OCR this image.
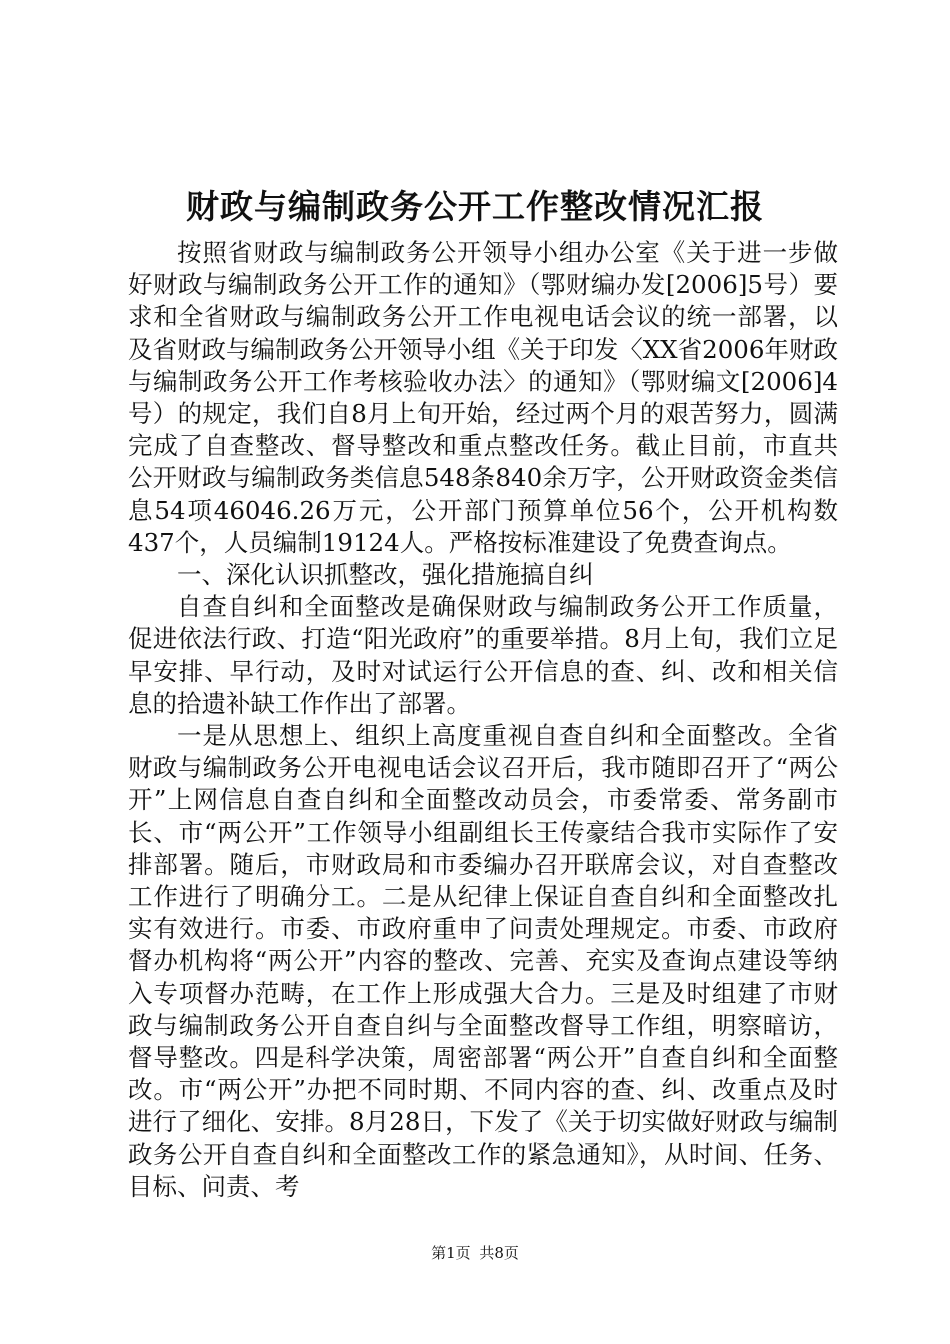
财政与编制政务公开工作整改情况汇报

按照省财政与编制政务公开领导小组办公室《关于进一步做好财政与编制政务公开工作的通知》（鄂财编办发[2006]5号）要求和全省财政与编制政务公开工作电视电话会议的统一部署，以及省财政与编制政务公开领导小组《关于印发〈XX省2006年财政与编制政务公开工作考核验收办法〉的通知》（鄂财编文[2006]4号）的规定，我们自8月上旬开始，经过两个月的艰苦努力，圆满完成了自查整改、督导整改和重点整改任务。截止目前，市直共公开财政与编制政务类信息548条840余万字，公开财政资金类信息54项46046.26万元，公开部门预算单位56个，公开机构数437个，人员编制19124人。严格按标准建设了免费查询点。

一、深化认识抓整改，强化措施搞自纠

自查自纠和全面整改是确保财政与编制政务公开工作质量，促进依法行政、打造“阳光政府”的重要举措。8月上旬，我们立足早安排、早行动，及时对试运行公开信息的查、纠、改和相关信息的拾遗补缺工作作出了部署。

一是从思想上、组织上高度重视自查自纠和全面整改。全省财政与编制政务公开电视电话会议召开后，我市随即召开了“两公开”上网信息自查自纠和全面整改动员会，市委常委、常务副市长、市“两公开”工作领导小组副组长王传豪结合我市实际作了安排部署。随后，市财政局和市委编办召开联席会议，对自查整改工作进行了明确分工。二是从纪律上保证自查自纠和全面整改扎实有效进行。市委、市政府重申了问责处理规定。市委、市政府督办机构将“两公开”内容的整改、完善、充实及查询点建设等纳入专项督办范畴，在工作上形成强大合力。三是及时组建了市财政与编制政务公开自查自纠与全面整改督导工作组，明察暗访，督导整改。四是科学决策，周密部署“两公开”自查自纠和全面整改。市“两公开”办把不同时期、不同内容的查、纠、改重点及时进行了细化、安排。8月28日，下发了《关于切实做好财政与编制政务公开自查自纠和全面整改工作的紧急通知》，从时间、任务、目标、问责、考

第1页 共8页
